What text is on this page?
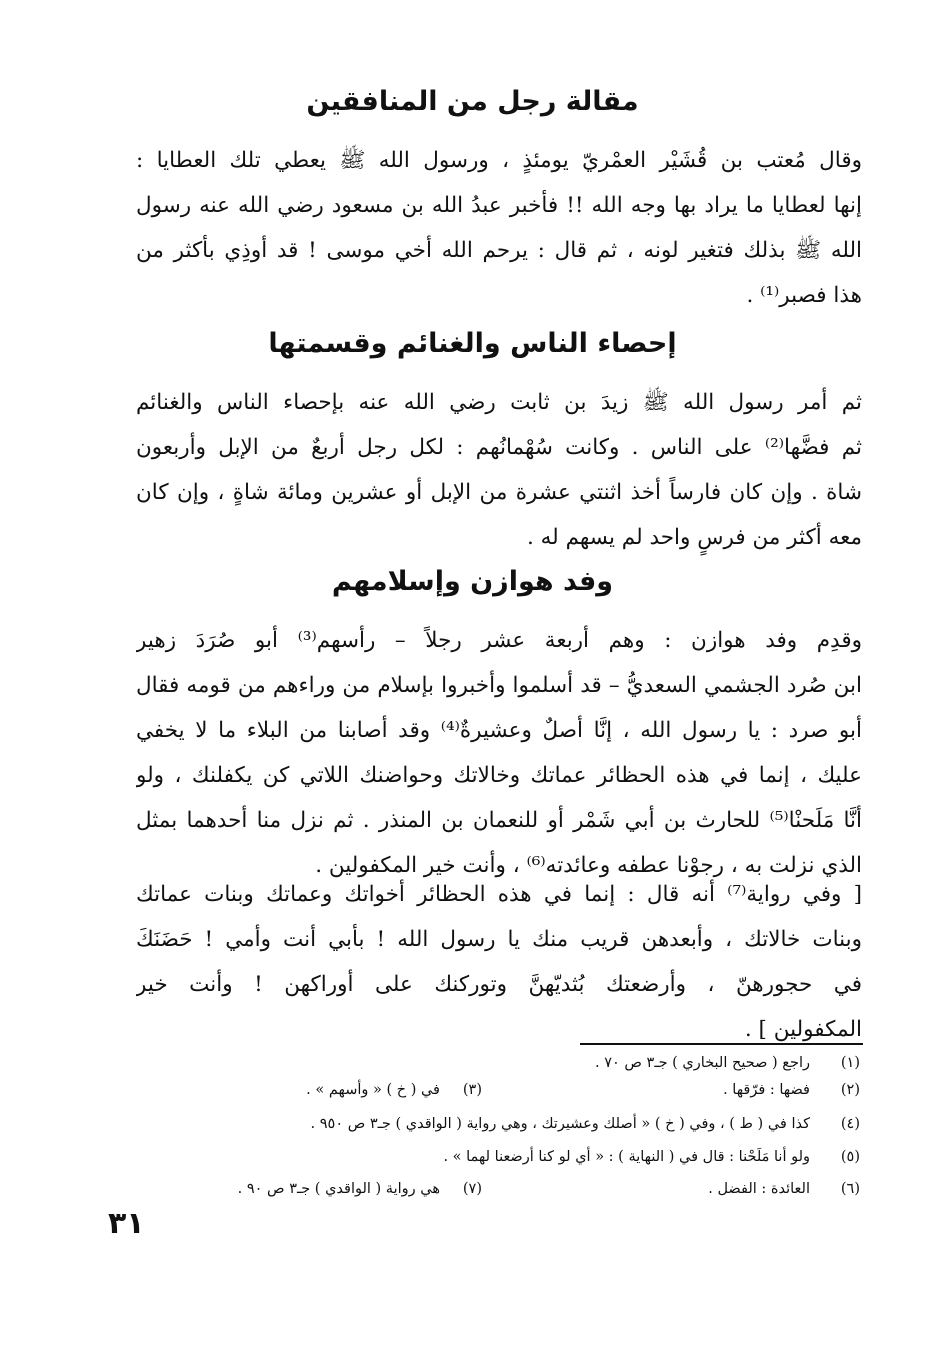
مقالة رجل من المنافقين
وقال مُعتب بن قُشَيْر العمْريّ يومئذٍ ، ورسول الله ﷺ يعطي تلك العطايا :
إنها لعطايا ما يراد بها وجه الله !! فأخبر عبدُ الله بن مسعود رضي الله عنه رسول
الله ﷺ بذلك فتغير لونه ، ثم قال : يرحم الله أخي موسى ! قد أوذِي بأكثر من
هذا فصبر⁽¹⁾ .
إحصاء الناس والغنائم وقسمتها
ثم أمر رسول الله ﷺ زيدَ بن ثابت رضي الله عنه بإحصاء الناس والغنائم
ثم فضَّها⁽²⁾ على الناس . وكانت سُهْمانُهم : لكل رجل أربعٌ من الإبل وأربعون
شاة . وإن كان فارساً أخذ اثنتي عشرة من الإبل أو عشرين ومائة شاةٍ ، وإن كان
معه أكثر من فرسٍ واحد لم يسهم له .
وفد هوازن وإسلامهم
وقدِم وفد هوازن : وهم أربعة عشر رجلاً – رأسهم⁽³⁾ أبو صُرَدَ زهير
ابن صُرد الجشمي السعديُّ – قد أسلموا وأخبروا بإسلام من وراءهم من قومه فقال
أبو صرد : يا رسول الله ، إنَّا أصلٌ وعشيرةٌ⁽⁴⁾ وقد أصابنا من البلاء ما لا يخفي
عليك ، إنما في هذه الحظائر عماتك وخالاتك وحواضنك اللاتي كن يكفلنك ، ولو
أنَّا مَلَحنْا⁽⁵⁾ للحارث بن أبي شَمْر أو للنعمان بن المنذر . ثم نزل منا أحدهما بمثل
الذي نزلت به ، رجوْنا عطفه وعائدته⁽⁶⁾ ، وأنت خير المكفولين .
[ وفي رواية⁽⁷⁾ أنه قال : إنما في هذه الحظائر أخواتك وعماتك وبنات عماتك
وبنات خالاتك ، وأبعدهن قريب منك يا رسول الله ! بأبي أنت وأمي ! حَضَنَكَ
في حجورهنّ ، وأرضعتك بُثديّهنَّ وتوركنك على أوراكهن ! وأنت خير
المكفولين ] .
(١)
راجع ( صحيح البخاري ) جـ٣ ص ٧٠ .
(٢)
فضها : فرّقها .
(٣)
في ( خ ) « وأسهم » .
(٤)
كذا في ( ط ) ، وفي ( خ ) « أصلك وعشيرتك ، وهي رواية ( الواقدي ) جـ٣ ص ٩٥٠ .
(٥)
ولو أنا مَلَحْنا : قال في ( النهاية ) : « أي لو كنا أرضعنا لهما » .
(٦)
العائدة : الفضل .
(٧)
هي رواية ( الواقدي ) جـ٣ ص ٩٠ .
٣١
